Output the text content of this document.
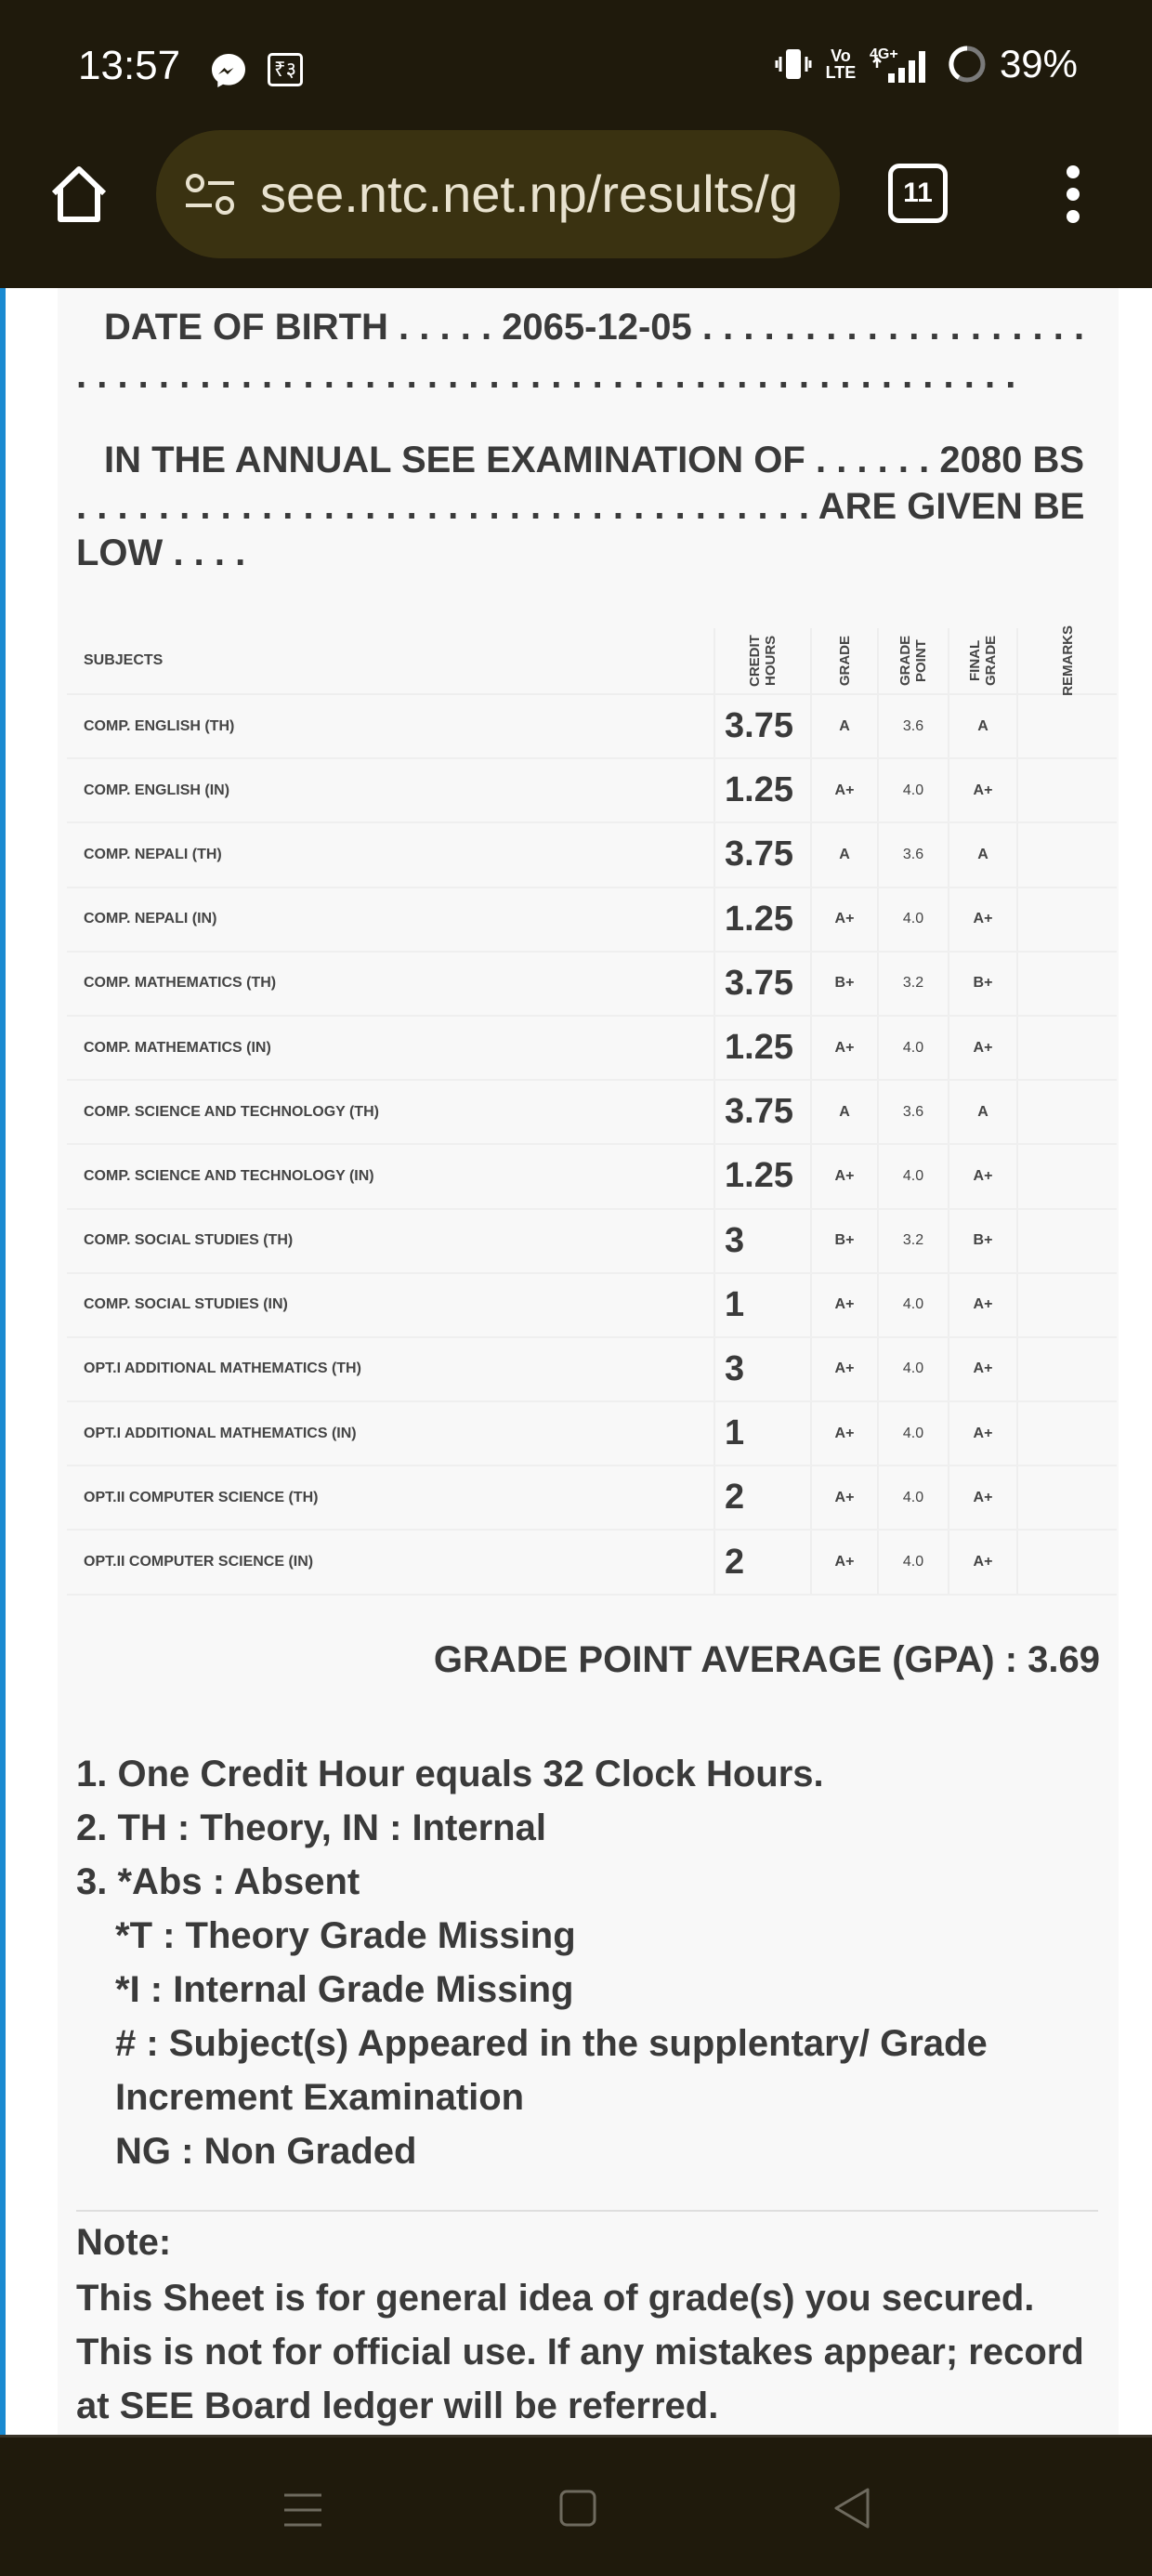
13:57	₹३
Vo
LTE
4G+	39%
see.ntc.net.np/results/g	11
DATE OF BIRTH . . . . . 2065-12-05 . . . . . . . . . . . . . . . . . . . . . . . . . . . . . . . . . . . . . . . . . . . . . . . . . . . . . . . . . . . . . . . . .
IN THE ANNUAL SEE EXAMINATION OF . . . . . . 2080 BS . . . . . . . . . . . . . . . . . . . . . . . . . . . . . . . . . . . . ARE GIVEN BELOW . . . .
SUBJECTS	CREDIT HOURS	GRADE	GRADE POINT	FINAL GRADE	REMARKS
COMP. ENGLISH (TH)	3.75	A	3.6	A
COMP. ENGLISH (IN)	1.25	A+	4.0	A+
COMP. NEPALI (TH)	3.75	A	3.6	A
COMP. NEPALI (IN)	1.25	A+	4.0	A+
COMP. MATHEMATICS (TH)	3.75	B+	3.2	B+
COMP. MATHEMATICS (IN)	1.25	A+	4.0	A+
COMP. SCIENCE AND TECHNOLOGY (TH)	3.75	A	3.6	A
COMP. SCIENCE AND TECHNOLOGY (IN)	1.25	A+	4.0	A+
COMP. SOCIAL STUDIES (TH)	3	B+	3.2	B+
COMP. SOCIAL STUDIES (IN)	1	A+	4.0	A+
OPT.I ADDITIONAL MATHEMATICS (TH)	3	A+	4.0	A+
OPT.I ADDITIONAL MATHEMATICS (IN)	1	A+	4.0	A+
OPT.II COMPUTER SCIENCE (TH)	2	A+	4.0	A+
OPT.II COMPUTER SCIENCE (IN)	2	A+	4.0	A+
GRADE POINT AVERAGE (GPA) : 3.69
1. One Credit Hour equals 32 Clock Hours.
2. TH : Theory, IN : Internal
3. *Abs : Absent
*T : Theory Grade Missing
*I : Internal Grade Missing
# : Subject(s) Appeared in the supplentary/ Grade Increment Examination
NG : Non Graded
Note:
This Sheet is for general idea of grade(s) you secured. This is not for official use. If any mistakes appear; record at SEE Board ledger will be referred.
